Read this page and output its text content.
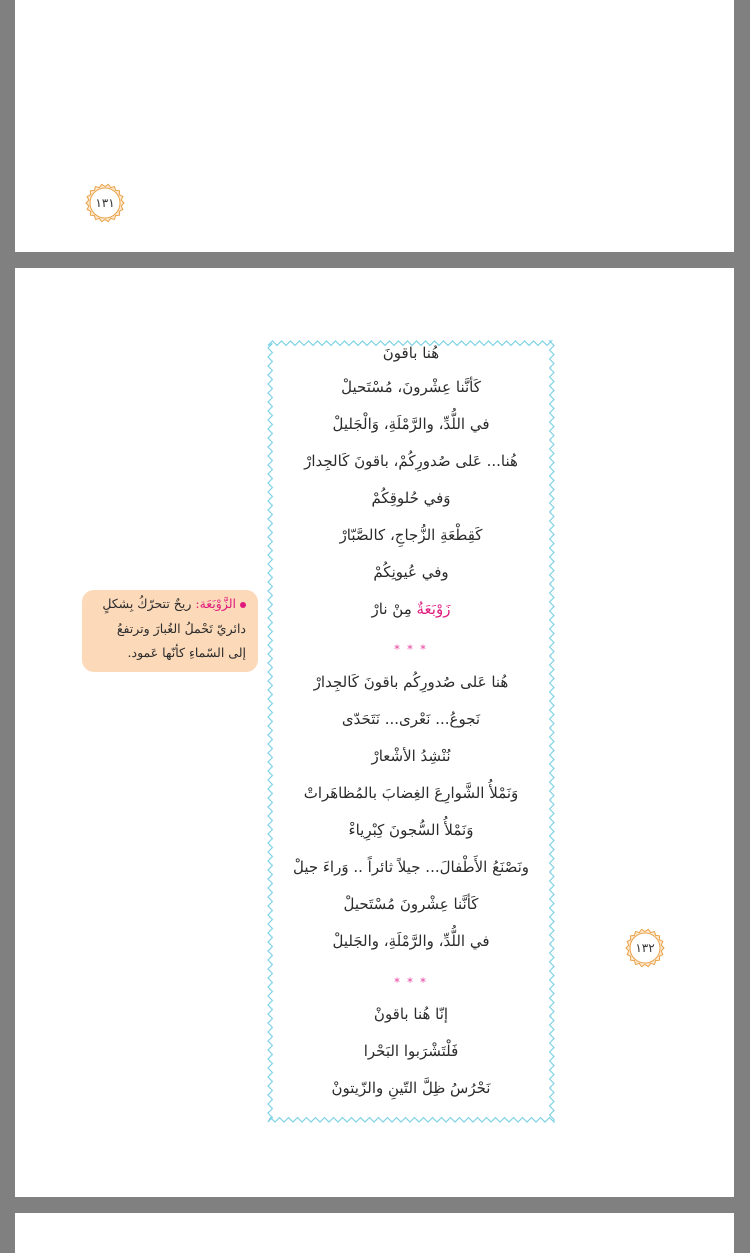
١٣١
هُنا باقونَ
كَأنَّنا عِشْرونَ، مُسْتَحيلْ
في اللُّدِّ، والرَّمْلَةِ، وَالْجَليلْ
هُنا... عَلى صُدورِكُمْ، باقونَ كَالجِدارْ
وَفي حُلوقِكُمْ
كَقِطْعَةِ الزُّجاجِ، كالصَّبّارْ
وفي عُيونِكُمْ
زَوْبَعَةٌ مِنْ نارْ
* * *
هُنا عَلى صُدورِكُم باقونَ كَالجِدارْ
نَجوعُ... نَعْرى... نَتَحَدّى
نُنْشِدُ الأشْعارْ
وَنَمْلأُ الشَّوارِعَ الغِضابَ بالمُظاهَراتْ
وَنَمْلأُ السُّجونَ كِبْرِياءْ
ونَصْنَعُ الأَطْفالَ... جيلاً ثائراً .. وَراءَ جيلْ
كَأنَّنا عِشْرونَ مُسْتَحيلْ
في اللُّدِّ، والرَّمْلَةِ، والجَليلْ
* * *
إنّا هُنا باقونْ
فَلْتَشْرَبوا البَحْرا
نَحْرُسُ ظِلَّ التّينِ والزّيتونْ
الزَّوْبَعَة: ريحٌ تتحرّكُ بِشكلٍ
دائريّ تَحْملُ الغُبارَ وترتفعُ
إلى السّماءِ كأنّها عَمود.
١٣٢
